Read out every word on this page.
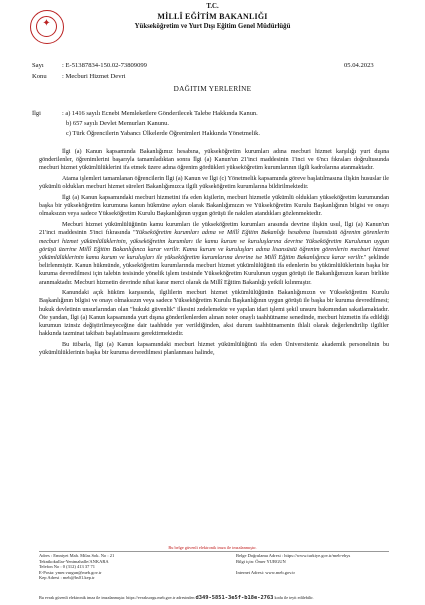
✦
T.C.
MİLLÎ EĞİTİM BAKANLIĞI
Yükseköğretim ve Yurt Dışı Eğitim Genel Müdürlüğü
Sayı	: E-51387834-150.02-73809099	05.04.2023
Konu : Mecburi Hizmet Devri
DAĞITIM YERLERİNE
İlgi	: a) 1416 sayılı Ecnebi Memleketlere Gönderilecek Talebe Hakkında Kanun.
b) 657 sayılı Devlet Memurları Kanunu.
c) Türk Öğrencilerin Yabancı Ülkelerde Öğrenimleri Hakkında Yönetmelik.

İlgi (a) Kanun kapsamında Bakanlığımız hesabına, yükseköğretim kurumları adına mecburi hizmet karşılığı yurt dışına gönderilenler, öğrenimlerini başarıyla tamamladıktan sonra İlgi (a) Kanun'un 21'inci maddesinin 1'inci ve 6'ncı fıkraları doğrultusunda mecburi hizmet yükümlülüklerini ifa etmek üzere adına öğrenim gördükleri yükseköğretim kurumlarının ilgili kadrolarına atanmaktadır.

Atama işlemleri tamamlanan öğrencilerin İlgi (a) Kanun ve İlgi (c) Yönetmelik kapsamında göreve başlatılmasına ilişkin hususlar ile yükümlü oldukları mecburi hizmet süreleri Bakanlığımızca ilgili yükseköğretim kurumlarına bildirilmektedir.

İlgi (a) Kanun kapsamındaki mecburi hizmetini ifa eden kişilerin, mecburi hizmetle yükümlü oldukları yükseköğretim kurumundan başka bir yükseköğretim kurumuna kanun hükmüne aykırı olarak Bakanlığımızın ve Yükseköğretim Kurulu Başkanlığının bilgisi ve onayı olmaksızın veya sadece Yükseköğretim Kurulu Başkanlığının uygun görüşü ile nakilen atandıkları gözlenmektedir.

Mecburi hizmet yükümlülüğünün kamu kurumları ile yükseköğretim kurumları arasında devrine ilişkin usul, İlgi (a) Kanun'un 21'inci maddesinin 5'inci fıkrasında "Yükseköğretim kurumları adına ve Millî Eğitim Bakanlığı hesabına lisansüstü öğrenim görenlerin mecburi hizmet yükümlülüklerinin, yükseköğretim kurumları ile kamu kurum ve kuruluşlarına devrine Yükseköğretim Kurulunun uygun görüşü üzerine Millî Eğitim Bakanlığınca karar verilir. Kamu kurum ve kuruluşları adına lisansüstü öğrenim görenlerin mecburi hizmet yükümlülüklerinin kamu kurum ve kuruluşları ile yükseköğretim kurumlarına devrine ise Millî Eğitim Bakanlığınca karar verilir." şeklinde belirlenmiştir. Kanun hükmünde, yükseköğretim kurumlarında mecburi hizmet yükümlülüğünü ifa edenlerin bu yükümlülüklerinin başka bir kuruma devredilmesi için talebin tesisinde yönelik işlem tesisinde Yükseköğretim Kurulunun uygun görüşü ile Bakanlığımızın kararı birlikte aranmaktadır. Mecburi hizmetin devrinde nihai karar merci olarak da Millî Eğitim Bakanlığı yetkili kılınmıştır.

Kanundaki açık hüküm karşısında, ilgililerin mecburi hizmet yükümlülüğünün Bakanlığımızın ve Yükseköğretim Kurulu Başkanlığının bilgisi ve onayı olmaksızın veya sadece Yükseköğretim Kurulu Başkanlığının uygun görüşü ile başka bir kuruma devredilmesi; hukuk devletinin unsurlarından olan "hukuki güvenlik" ilkesini zedelemekte ve yapılan idari işlemi şekil unsuru bakımından sakatlamaktadır. Öte yandan, İlgi (a) Kanun kapsamında yurt dışına gönderilenlerden alınan noter onaylı taahhütname senedinde, mecburi hizmetin ifa edildiği kurumun izinsiz değiştirilmeyeceğine dair taahhüde yer verildiğinden, aksi durum taahhütnamenin ihlali olarak değerlendirilip ilgililer hakkında tazminat takibatı başlatılmasını gerektirmektedir.

Bu itibarla, İlgi (a) Kanun kapsamındaki mecburi hizmet yükümlülüğünü ifa eden Üniversiteniz akademik personelinin bu yükümlülüklerinin başka bir kuruma devredilmesi planlanması halinde,

Bu belge güvenli elektronik imza ile imzalanmıştır.
Adres : Emniyet Mah. Milas Sok. No : 21
Teknikokullar-Yenimahalle/ANKARA
Telefon No : 0 (312) 413 37 71
E-Posta: ymer.vurgun@meb.gov.tr
Kep Adresi : meb@hs01.kep.tr
Belge Doğrulama Adresi : https://www.turkiye.gov.tr/meb-ebys
Bilgi için: Ömer YURGUN

Internet Adresi: www.meb.gov.tr
Bu evrak güvenli elektronik imza ile imzalanmıştır. https://evraksorgu.meb.gov.tr adresinden d349-5851-3e5f-b18e-2763 kodu ile teyit edilebilir.
